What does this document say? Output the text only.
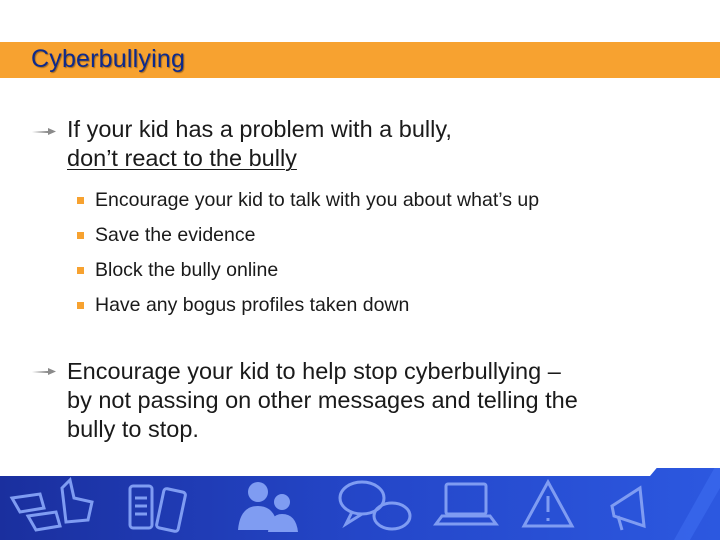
Cyberbullying
If your kid has a problem with a bully,
don’t react to the bully
Encourage your kid to talk with you about what’s up
Save the evidence
Block the bully online
Have any bogus profiles taken down
Encourage your kid to help stop cyberbullying –
by not passing on other messages and telling the
bully to stop.
